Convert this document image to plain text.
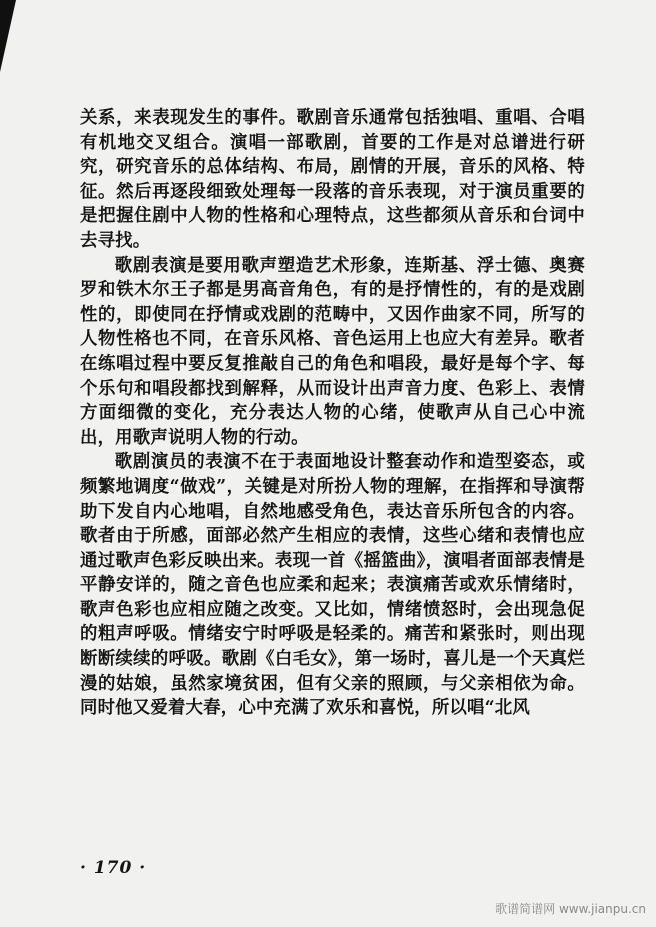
关系，来表现发生的事件。歌剧音乐通常包括独唱、重唱、合唱有机地交叉组合。演唱一部歌剧，首要的工作是对总谱进行研究，研究音乐的总体结构、布局，剧情的开展，音乐的风格、特征。然后再逐段细致处理每一段落的音乐表现，对于演员重要的是把握住剧中人物的性格和心理特点，这些都须从音乐和台词中去寻找。

歌剧表演是要用歌声塑造艺术形象，连斯基、浮士德、奥赛罗和铁木尔王子都是男高音角色，有的是抒情性的，有的是戏剧性的，即使同在抒情或戏剧的范畴中，又因作曲家不同，所写的人物性格也不同，在音乐风格、音色运用上也应大有差异。歌者在练唱过程中要反复推敲自己的角色和唱段，最好是每个字、每个乐句和唱段都找到解释，从而设计出声音力度、色彩上、表情方面细微的变化，充分表达人物的心绪，使歌声从自己心中流出，用歌声说明人物的行动。

歌剧演员的表演不在于表面地设计整套动作和造型姿态，或频繁地调度“做戏”，关键是对所扮人物的理解，在指挥和导演帮助下发自内心地唱，自然地感受角色，表达音乐所包含的内容。歌者由于所感，面部必然产生相应的表情，这些心绪和表情也应通过歌声色彩反映出来。表现一首《摇篮曲》，演唱者面部表情是平静安详的，随之音色也应柔和起来；表演痛苦或欢乐情绪时，歌声色彩也应相应随之改变。又比如，情绪愤怒时，会出现急促的粗声呼吸。情绪安宁时呼吸是轻柔的。痛苦和紧张时，则出现断断续续的呼吸。歌剧《白毛女》，第一场时，喜儿是一个天真烂漫的姑娘，虽然家境贫困，但有父亲的照顾，与父亲相依为命。同时他又爱着大春，心中充满了欢乐和喜悦，所以唱“北风

· 170 ·
歌谱简谱网 www.jianpu.cn
